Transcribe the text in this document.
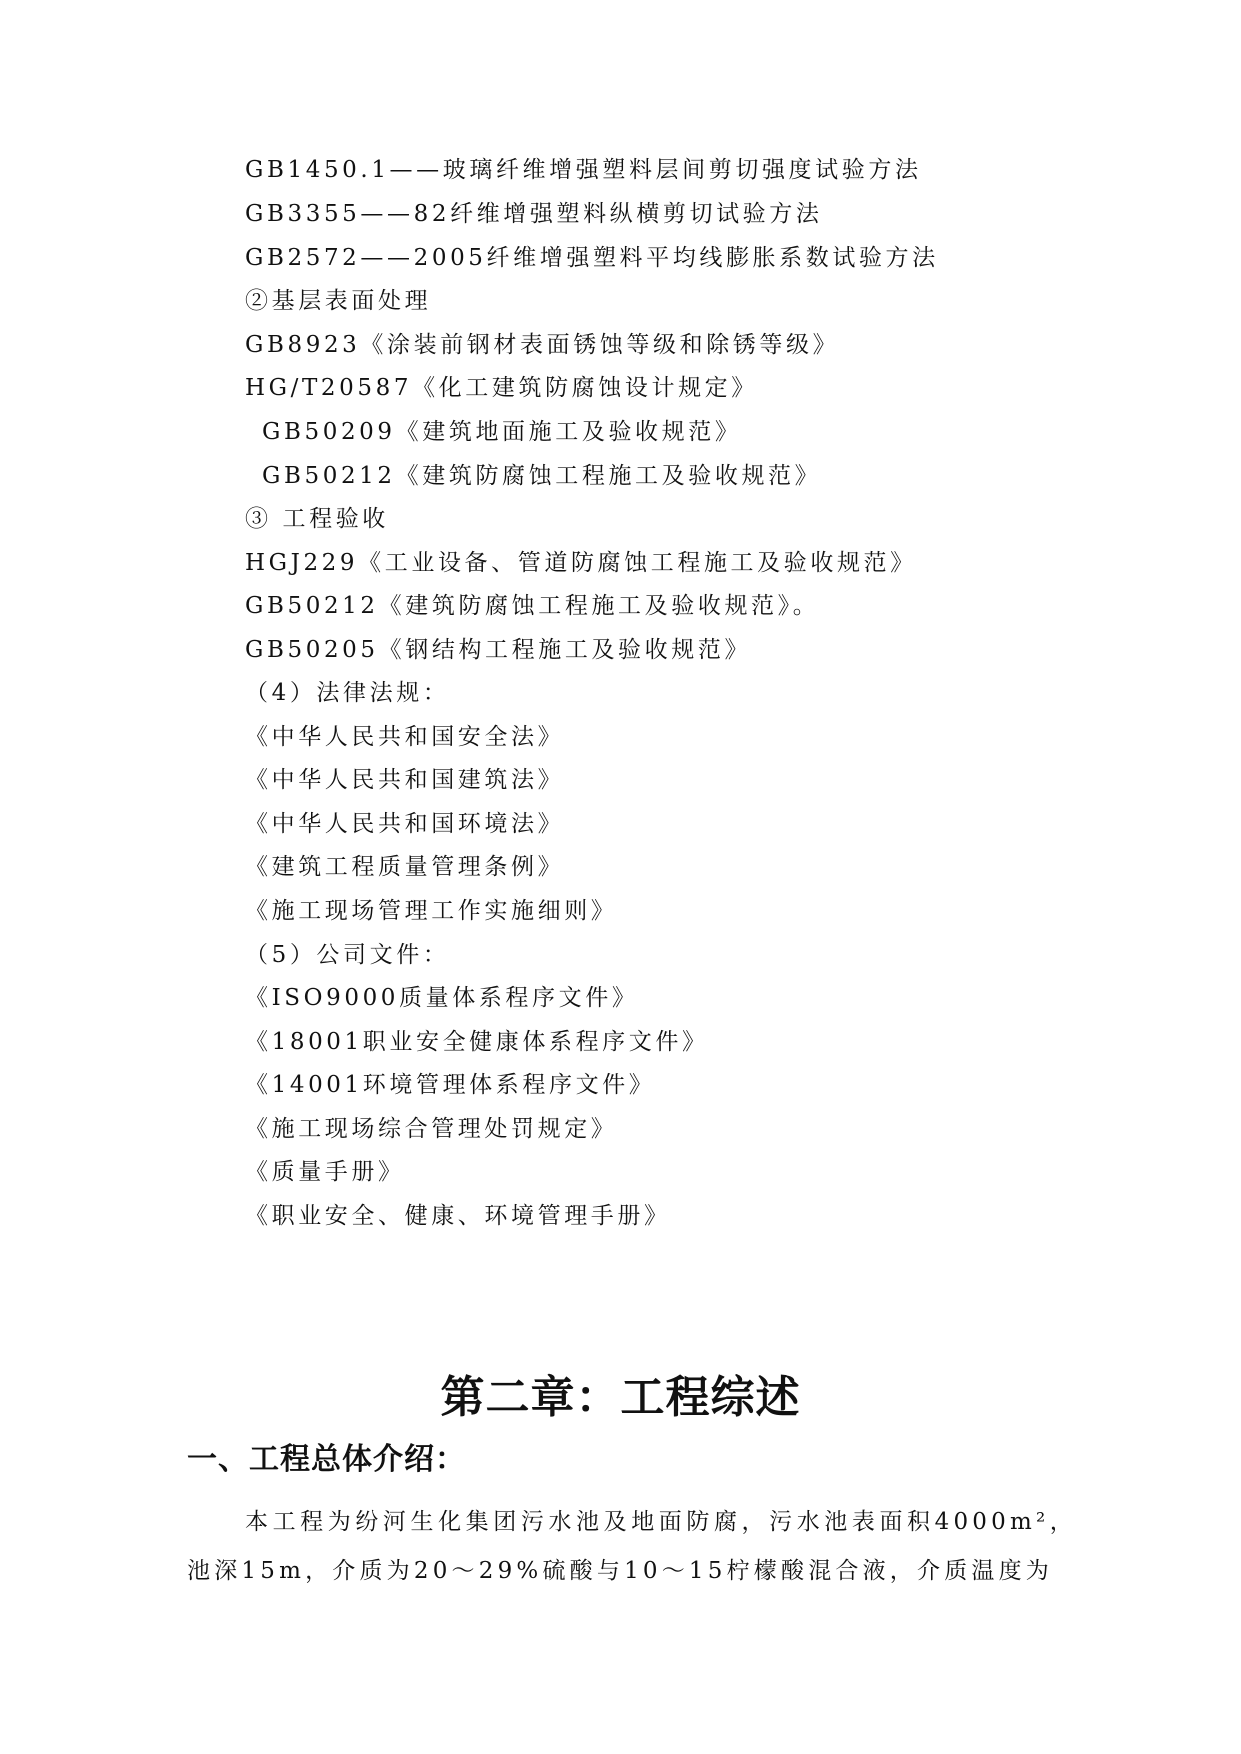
GB1450.1——玻璃纤维增强塑料层间剪切强度试验方法
GB3355——82纤维增强塑料纵横剪切试验方法
GB2572——2005纤维增强塑料平均线膨胀系数试验方法
②基层表面处理
GB8923《涂装前钢材表面锈蚀等级和除锈等级》
HG/T20587《化工建筑防腐蚀设计规定》
GB50209《建筑地面施工及验收规范》
GB50212《建筑防腐蚀工程施工及验收规范》
③ 工程验收
HGJ229《工业设备、管道防腐蚀工程施工及验收规范》
GB50212《建筑防腐蚀工程施工及验收规范》。
GB50205《钢结构工程施工及验收规范》
（4）法律法规：
《中华人民共和国安全法》
《中华人民共和国建筑法》
《中华人民共和国环境法》
《建筑工程质量管理条例》
《施工现场管理工作实施细则》
（5）公司文件：
《ISO9000质量体系程序文件》
《18001职业安全健康体系程序文件》
《14001环境管理体系程序文件》
《施工现场综合管理处罚规定》
《质量手册》
《职业安全、健康、环境管理手册》
第二章：工程综述
一、工程总体介绍：
本工程为纷河生化集团污水池及地面防腐，污水池表面积4000m²，池深15m，介质为20～29%硫酸与10～15柠檬酸混合液，介质温度为
